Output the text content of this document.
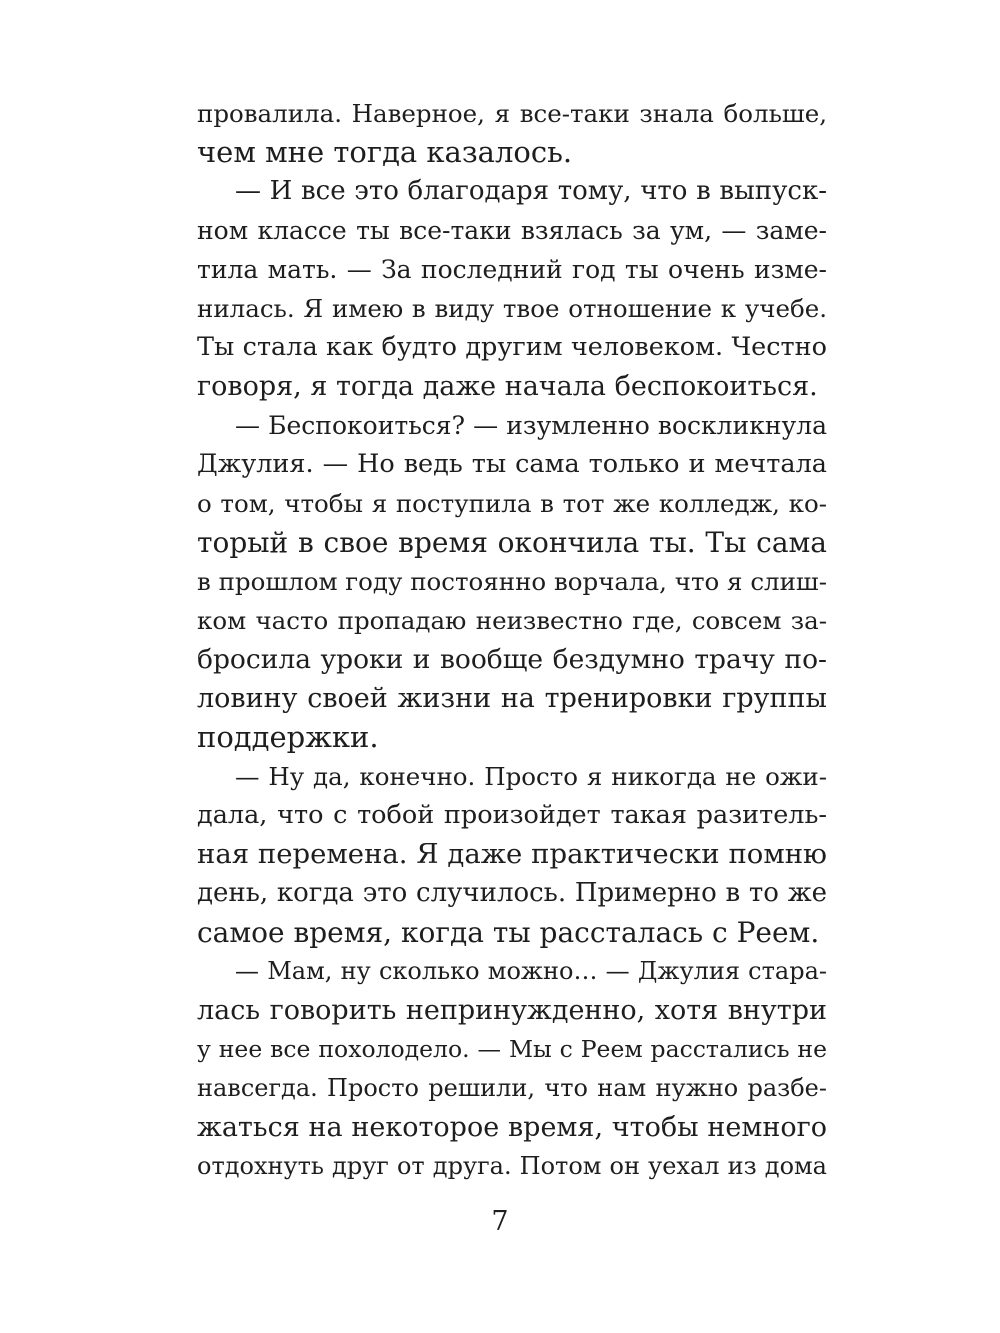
провалила. Наверное, я все-таки знала больше,
чем мне тогда казалось.
— И все это благодаря тому, что в выпуск-
ном классе ты все-таки взялась за ум, — заме-
тила мать. — За последний год ты очень изме-
нилась. Я имею в виду твое отношение к учебе.
Ты стала как будто другим человеком. Честно
говоря, я тогда даже начала беспокоиться.
— Беспокоиться? — изумленно воскликнула
Джулия. — Но ведь ты сама только и мечтала
о том, чтобы я поступила в тот же колледж, ко-
торый в свое время окончила ты. Ты сама
в прошлом году постоянно ворчала, что я слиш-
ком часто пропадаю неизвестно где, совсем за-
бросила уроки и вообще бездумно трачу по-
ловину своей жизни на тренировки группы
поддержки.
— Ну да, конечно. Просто я никогда не ожи-
дала, что с тобой произойдет такая разитель-
ная перемена. Я даже практически помню
день, когда это случилось. Примерно в то же
самое время, когда ты рассталась с Реем.
— Мам, ну сколько можно… — Джулия стара-
лась говорить непринужденно, хотя внутри
у нее все похолодело. — Мы с Реем расстались не
навсегда. Просто решили, что нам нужно разбе-
жаться на некоторое время, чтобы немного
отдохнуть друг от друга. Потом он уехал из дома
7
